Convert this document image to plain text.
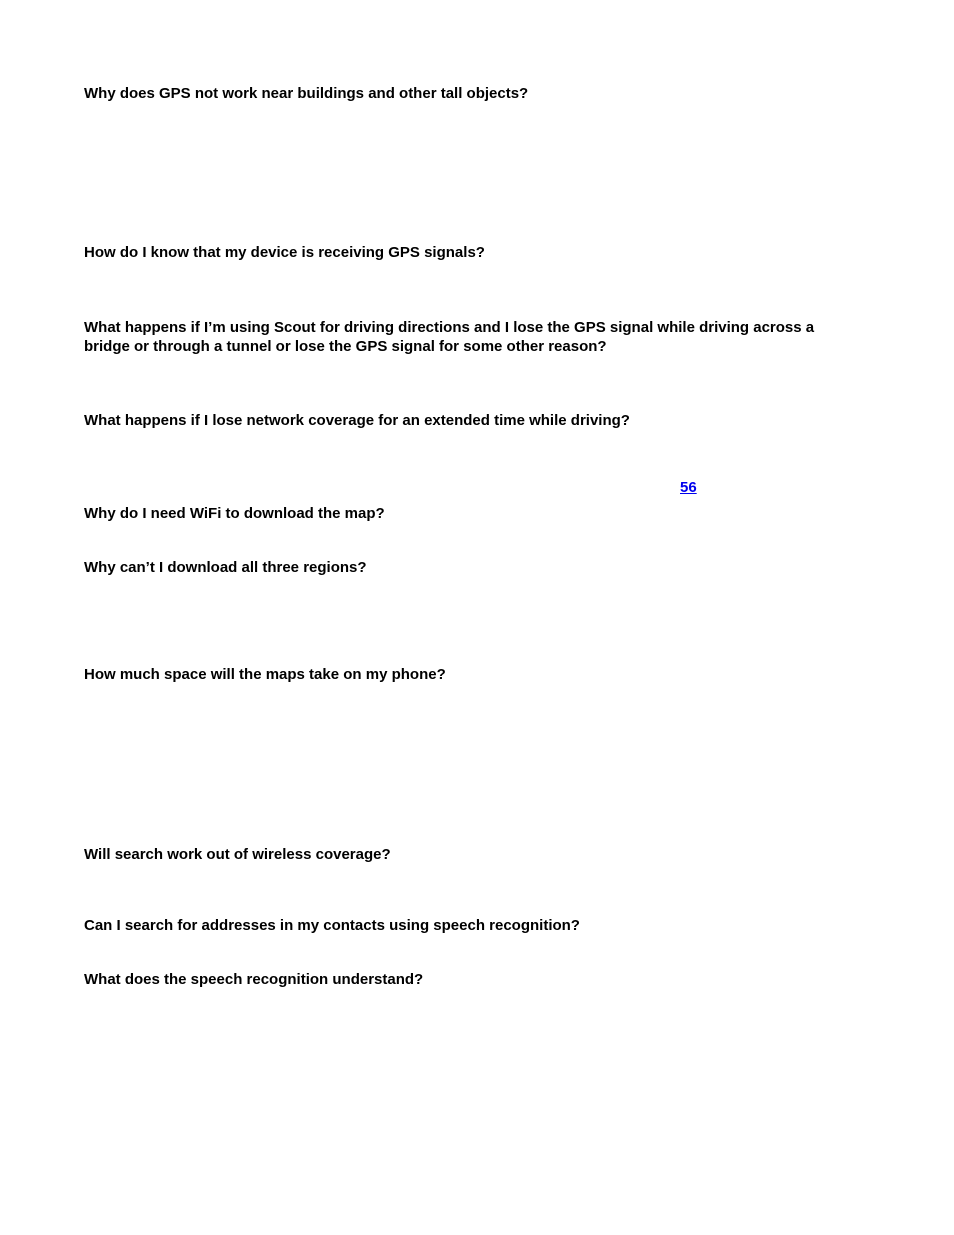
Why does GPS not work near buildings and other tall objects?

How do I know that my device is receiving GPS signals?

What happens if I’m using Scout for driving directions and I lose the GPS signal while driving across a bridge or through a tunnel or lose the GPS signal for some other reason?

What happens if I lose network coverage for an extended time while driving?

56

Why do I need WiFi to download the map?

Why can’t I download all three regions?

How much space will the maps take on my phone?

Will search work out of wireless coverage?

Can I search for addresses in my contacts using speech recognition?

What does the speech recognition understand?
